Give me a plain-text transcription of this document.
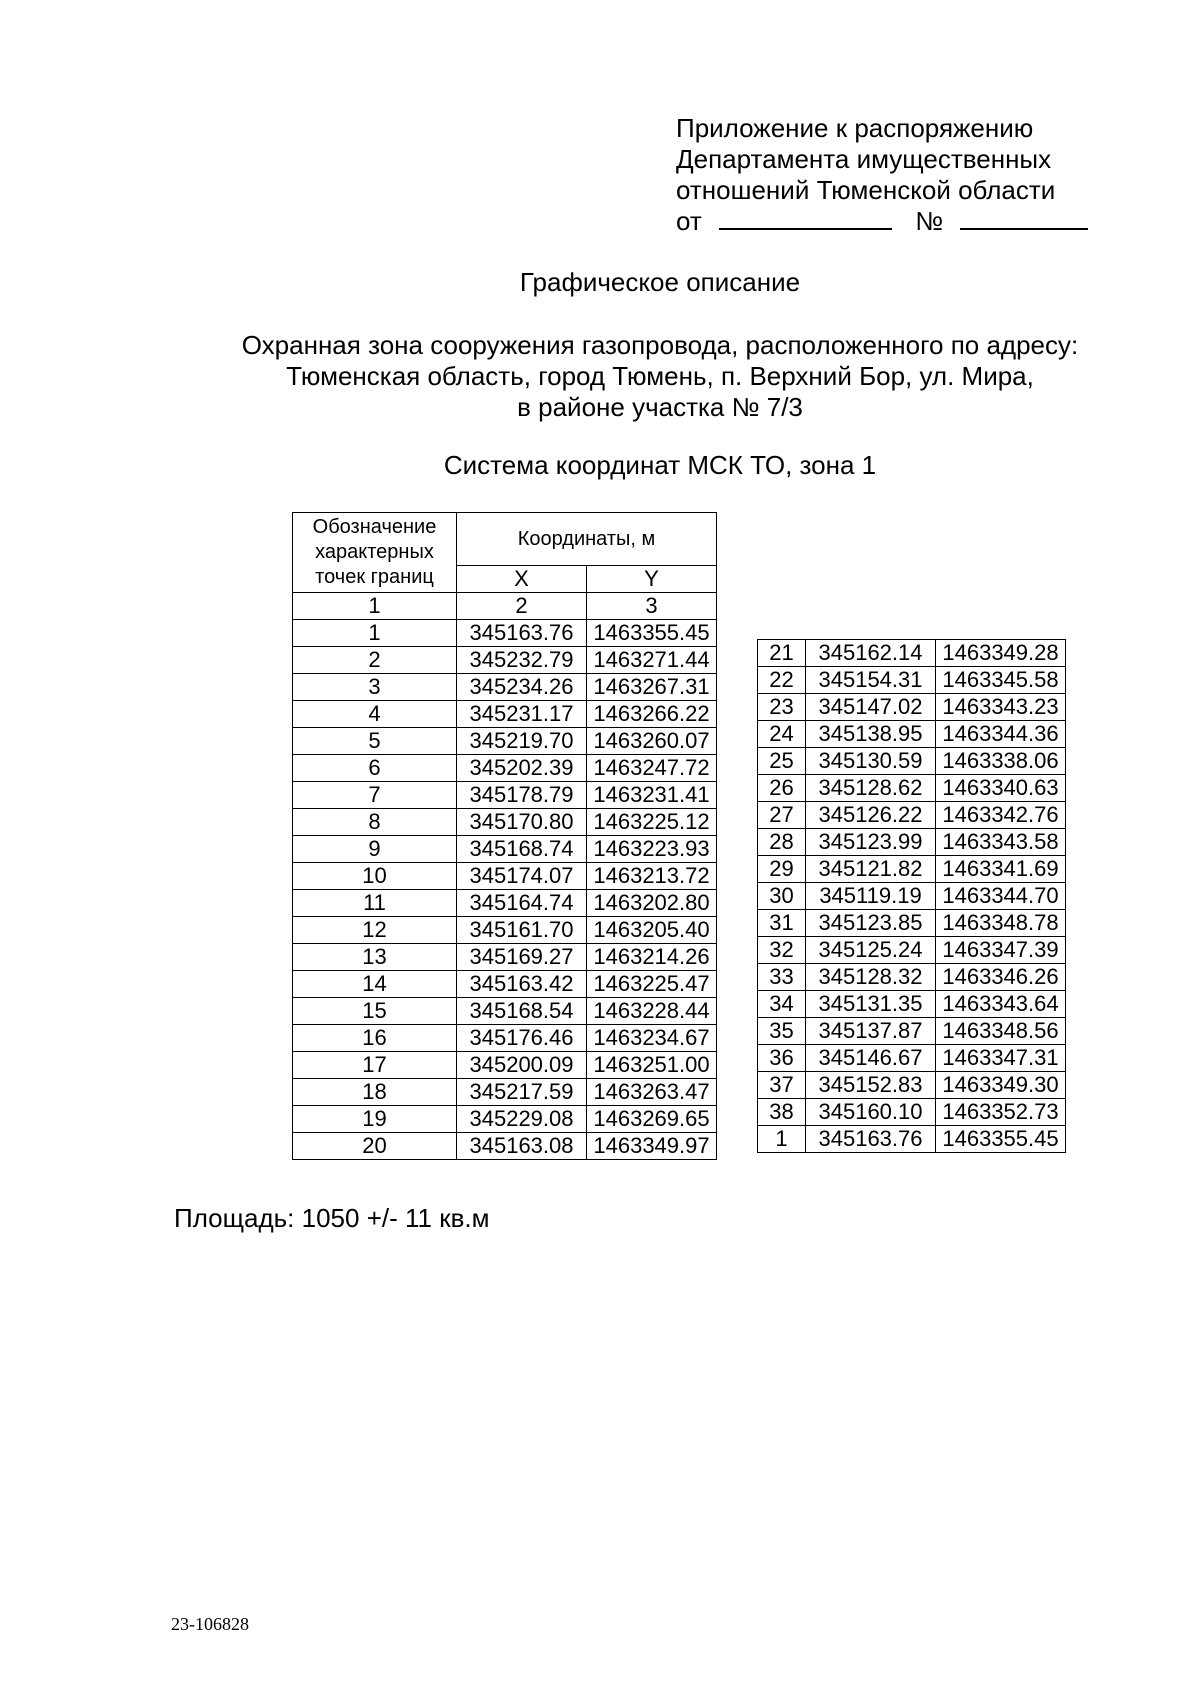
Приложение к распоряжению
Департамента имущественных
отношений Тюменской области
от	№
Графическое описание
Охранная зона сооружения газопровода, расположенного по адресу:
Тюменская область, город Тюмень, п. Верхний Бор, ул. Мира,
в районе участка № 7/3
Система координат МСК ТО, зона 1
Обозначение характерных точек границ	Координаты, м	
	X	Y
1	2	3
1	345163.76	1463355.45
2	345232.79	1463271.44
3	345234.26	1463267.31
4	345231.17	1463266.22
5	345219.70	1463260.07
6	345202.39	1463247.72
7	345178.79	1463231.41
8	345170.80	1463225.12
9	345168.74	1463223.93
10	345174.07	1463213.72
11	345164.74	1463202.80
12	345161.70	1463205.40
13	345169.27	1463214.26
14	345163.42	1463225.47
15	345168.54	1463228.44
16	345176.46	1463234.67
17	345200.09	1463251.00
18	345217.59	1463263.47
19	345229.08	1463269.65
20	345163.08	1463349.97
21	345162.14	1463349.28
22	345154.31	1463345.58
23	345147.02	1463343.23
24	345138.95	1463344.36
25	345130.59	1463338.06
26	345128.62	1463340.63
27	345126.22	1463342.76
28	345123.99	1463343.58
29	345121.82	1463341.69
30	345119.19	1463344.70
31	345123.85	1463348.78
32	345125.24	1463347.39
33	345128.32	1463346.26
34	345131.35	1463343.64
35	345137.87	1463348.56
36	345146.67	1463347.31
37	345152.83	1463349.30
38	345160.10	1463352.73
1	345163.76	1463355.45
Площадь: 1050 +/- 11 кв.м
23-106828
